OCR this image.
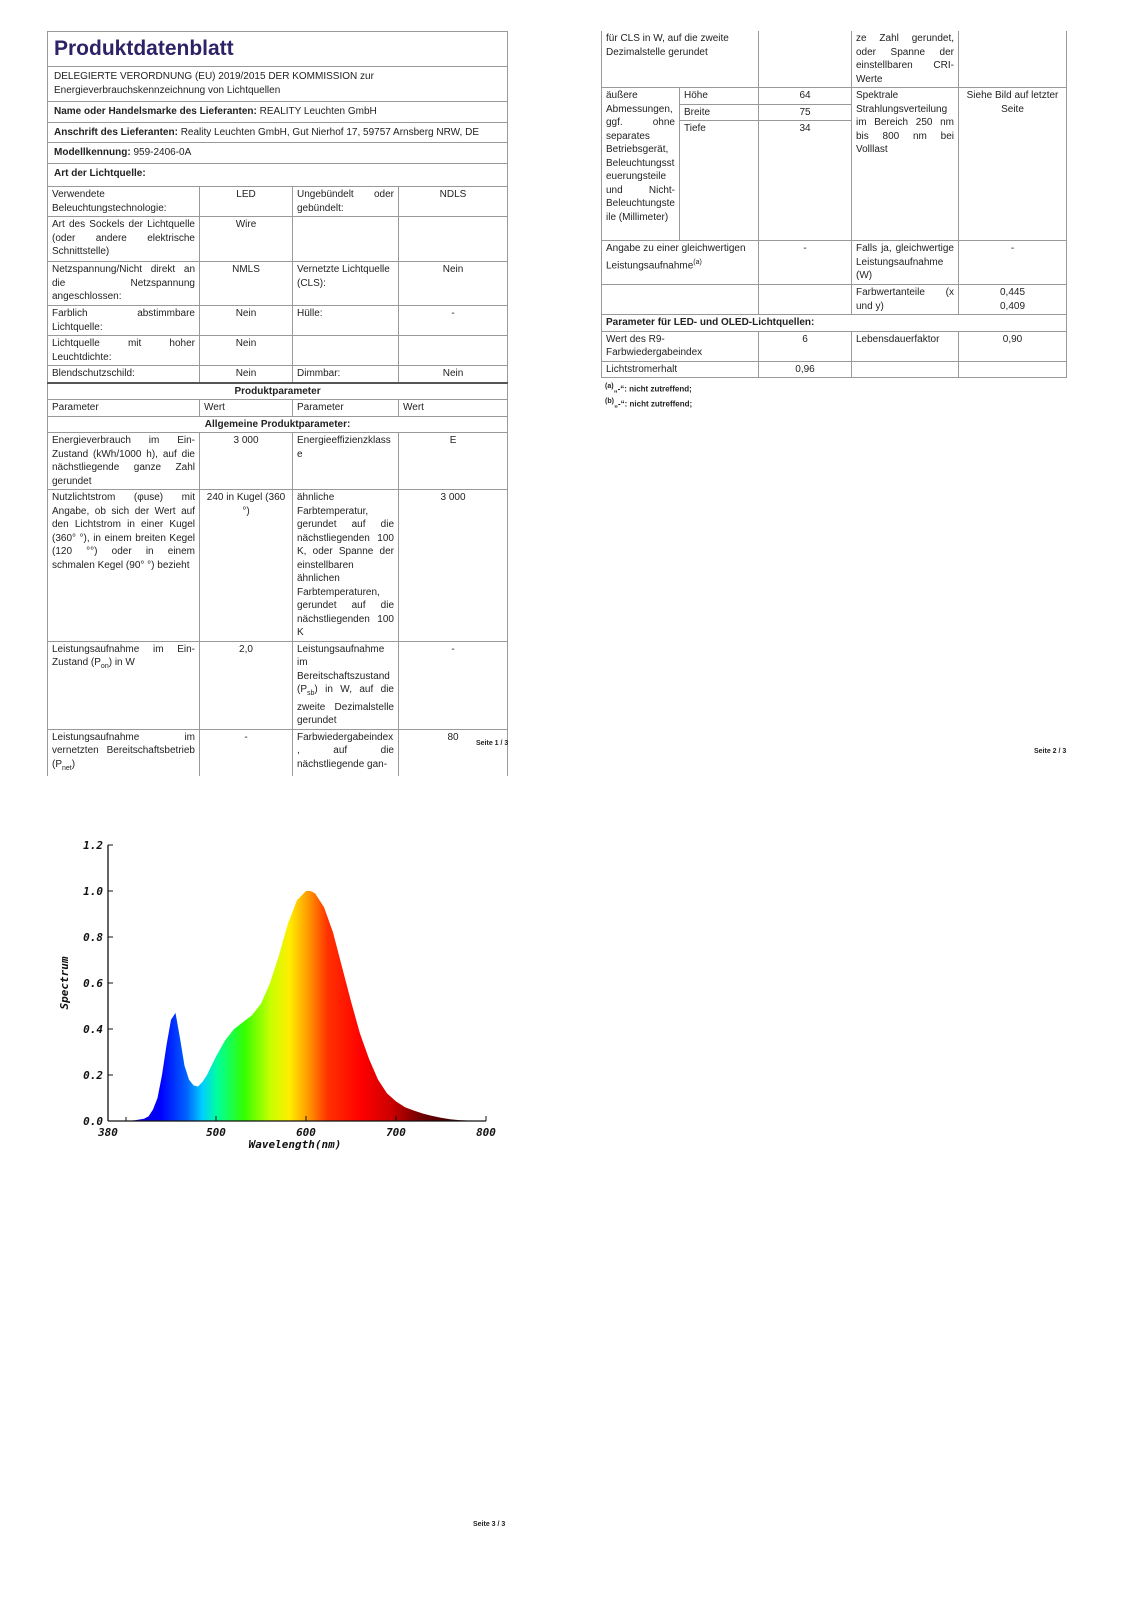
Produktdatenblatt			
DELEGIERTE VERORDNUNG (EU) 2019/2015 DER KOMMISSION zur Energieverbrauchskennzeichnung von Lichtquellen			
Name oder Handelsmarke des Lieferanten: REALITY Leuchten GmbH			
Anschrift des Lieferanten: Reality Leuchten GmbH, Gut Nierhof 17, 59757 Arnsberg NRW, DE			
Modellkennung: 959-2406-0A			
Art der Lichtquelle:			
Verwendete Beleuchtungstechnologie:	LED	Ungebündelt oder gebündelt:	NDLS
Art des Sockels der Lichtquelle (oder andere elektrische Schnittstelle)	Wire		
Netzspannung/Nicht direkt an die Netzspannung angeschlossen:	NMLS	Vernetzte Lichtquelle (CLS):	Nein
Farblich abstimmbare Lichtquelle:	Nein	Hülle:	-
Lichtquelle mit hoher Leuchtdichte:	Nein		
Blendschutzschild:	Nein	Dimmbar:	Nein
Produktparameter			
Parameter	Wert	Parameter	Wert
Allgemeine Produktparameter:			
Energieverbrauch im Ein-Zustand (kWh/1000 h), auf die nächstliegende ganze Zahl gerundet	3 000	Energieeffizienzklasse	E
Nutzlichtstrom (φuse) mit Angabe, ob sich der Wert auf den Lichtstrom in einer Kugel (360° °), in einem breiten Kegel (120 °°) oder in einem schmalen Kegel (90° °) bezieht	240 in Kugel (360 °)	ähnliche Farbtemperatur, gerundet auf die nächstliegenden 100 K, oder Spanne der einstellbaren ähnlichen Farbtemperaturen, gerundet auf die nächstliegenden 100 K	3 000
Leistungsaufnahme im Ein-Zustand $(P_{on})$ in W	2,0	Leistungsaufnahme im Bereitschaftszustand $(P_{sb})$ in W, auf die zweite Dezimalstelle gerundet	-
Leistungsaufnahme im vernetzten Bereitschaftsbetrieb $(P_{net})$	-	Farbwiedergabeindex, auf die nächstliegende gan-	80
Seite 1 / 3
für CLS in W, auf die zweite Dezimalstelle gerundet			ze Zahl gerundet, oder Spanne der einstellbaren CRI-Werte	
äußere Abmessungen, ggf. ohne separates Betriebsgerät, Beleuchtungssteuerungsteile und Nicht-Beleuchtungsteile (Millimeter)	Höhe	64	Spektrale Strahlungsverteilung im Bereich 250 nm bis 800 nm bei Volllast	Siehe Bild auf letzter Seite
	Breite	75		
	Tiefe	34		
Angabe zu einer gleichwertigen Leistungsaufnahme$^{(a)}$		-	Falls ja, gleichwertige Leistungsaufnahme (W)	-
			Farbwertanteile (x und y)	0,445
0,409
Parameter für LED- und OLED-Lichtquellen:				
Wert des R9-Farbwiedergabeindex		6	Lebensdauerfaktor	0,90
Lichtstromerhalt		0,96		
$^{(a)}$„-“: nicht zutreffend;
$^{(b)}$„-“: nicht zutreffend;
Seite 2 / 3
0.0
0.2
0.4
0.6
0.8
1.0
1.2
380	500	600	700	800
Wavelength(nm)
Spectrum
Seite 3 / 3
